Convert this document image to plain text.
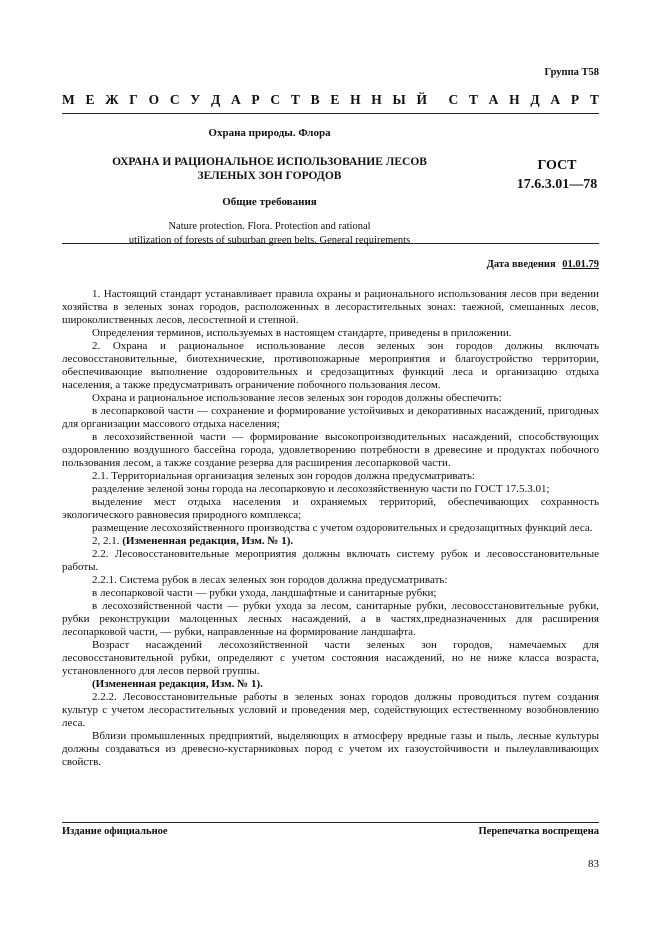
Группа Т58
М Е Ж Г О С У Д А Р С Т В Е Н Н Ы Й С Т А Н Д А Р Т

Охрана природы. Флора

ОХРАНА И РАЦИОНАЛЬНОЕ ИСПОЛЬЗОВАНИЕ ЛЕСОВ
ЗЕЛЕНЫХ ЗОН ГОРОДОВ

Общие требования

Nature protection. Flora. Protection and rational
utilization of forests of suburban green belts. General requirements

ГОСТ
17.6.3.01—78
Дата введения 01.01.79

1. Настоящий стандарт устанавливает правила охраны и рационального использования лесов при ведении хозяйства в зеленых зонах городов, расположенных в лесорастительных зонах: таежной, смешанных лесов, широколиственных лесов, лесостепной и степной.

Определения терминов, используемых в настоящем стандарте, приведены в приложении.

2. Охрана и рациональное использование лесов зеленых зон городов должны включать лесовосстановительные, биотехнические, противопожарные мероприятия и благоустройство территории, обеспечивающие выполнение оздоровительных и средозащитных функций леса и организацию отдыха населения, а также предусматривать ограничение побочного пользования лесом.

Охрана и рациональное использование лесов зеленых зон городов должны обеспечить:

в лесопарковой части — сохранение и формирование устойчивых и декоративных насаждений, пригодных для организации массового отдыха населения;

в лесохозяйственной части — формирование высокопроизводительных насаждений, способствующих оздоровлению воздушного бассейна города, удовлетворению потребности в древесине и продуктах побочного пользования лесом, а также создание резерва для расширения лесопарковой части.

2.1. Территориальная организация зеленых зон городов должна предусматривать:

разделение зеленой зоны города на лесопарковую и лесохозяйственную части по ГОСТ 17.5.3.01;

выделение мест отдыха населения и охраняемых территорий, обеспечивающих сохранность экологического равновесия природного комплекса;

размещение лесохозяйственного производства с учетом оздоровительных и средозащитных функций леса.

2, 2.1. (Измененная редакция, Изм. № 1).

2.2. Лесовосстановительные мероприятия должны включать систему рубок и лесовосстановительные работы.

2.2.1. Система рубок в лесах зеленых зон городов должна предусматривать:

в лесопарковой части — рубки ухода, ландшафтные и санитарные рубки;

в лесохозяйственной части — рубки ухода за лесом, санитарные рубки, лесовосстановительные рубки, рубки реконструкции малоценных лесных насаждений, а в частях,предназначенных для расширения лесопарковой части, — рубки, направленные на формирование ландшафта.

Возраст насаждений лесохозяйственной части зеленых зон городов, намечаемых для лесовосстановительной рубки, определяют с учетом состояния насаждений, но не ниже класса возраста, установленного для лесов первой группы.

(Измененная редакция, Изм. № 1).

2.2.2. Лесовосстановительные работы в зеленых зонах городов должны проводиться путем создания культур с учетом лесорастительных условий и проведения мер, содействующих естественному возобновлению леса.

Вблизи промышленных предприятий, выделяющих в атмосферу вредные газы и пыль, лесные культуры должны создаваться из древесно-кустарниковых пород с учетом их газоустойчивости и пылеулавливающих свойств.

Издание официальное	Перепечатка воспрещена
83
